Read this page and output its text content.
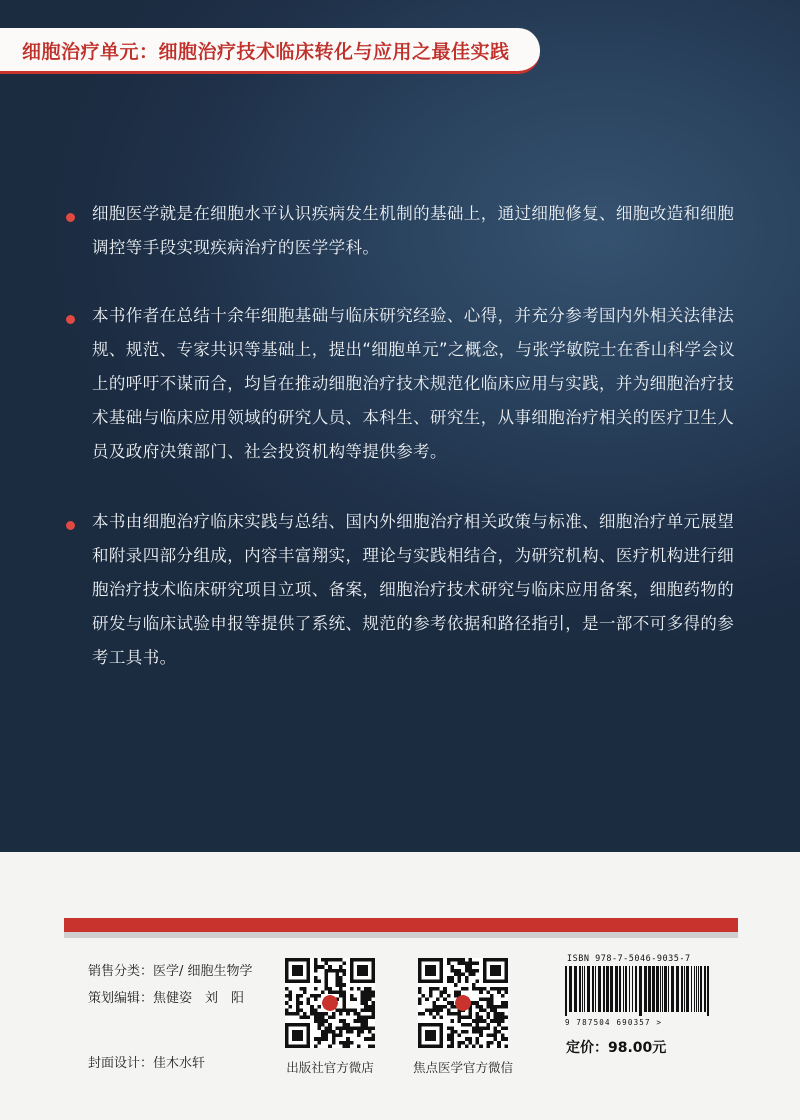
细胞治疗单元：细胞治疗技术临床转化与应用之最佳实践
细胞医学就是在细胞水平认识疾病发生机制的基础上，通过细胞修复、细胞改造和细胞调控等手段实现疾病治疗的医学学科。
本书作者在总结十余年细胞基础与临床研究经验、心得，并充分参考国内外相关法律法规、规范、专家共识等基础上，提出“细胞单元”之概念，与张学敏院士在香山科学会议上的呼吁不谋而合，均旨在推动细胞治疗技术规范化临床应用与实践，并为细胞治疗技术基础与临床应用领域的研究人员、本科生、研究生，从事细胞治疗相关的医疗卫生人员及政府决策部门、社会投资机构等提供参考。
本书由细胞治疗临床实践与总结、国内外细胞治疗相关政策与标准、细胞治疗单元展望和附录四部分组成，内容丰富翔实，理论与实践相结合，为研究机构、医疗机构进行细胞治疗技术临床研究项目立项、备案，细胞治疗技术研究与临床应用备案，细胞药物的研发与临床试验申报等提供了系统、规范的参考依据和路径指引，是一部不可多得的参考工具书。
销售分类：医学/ 细胞生物学
策划编辑：焦健姿　刘　阳
封面设计：佳木水轩	出版社官方微店	焦点医学官方微信
ISBN 978-7-5046-9035-7
9 787504 690357 >
定价：98.00元
